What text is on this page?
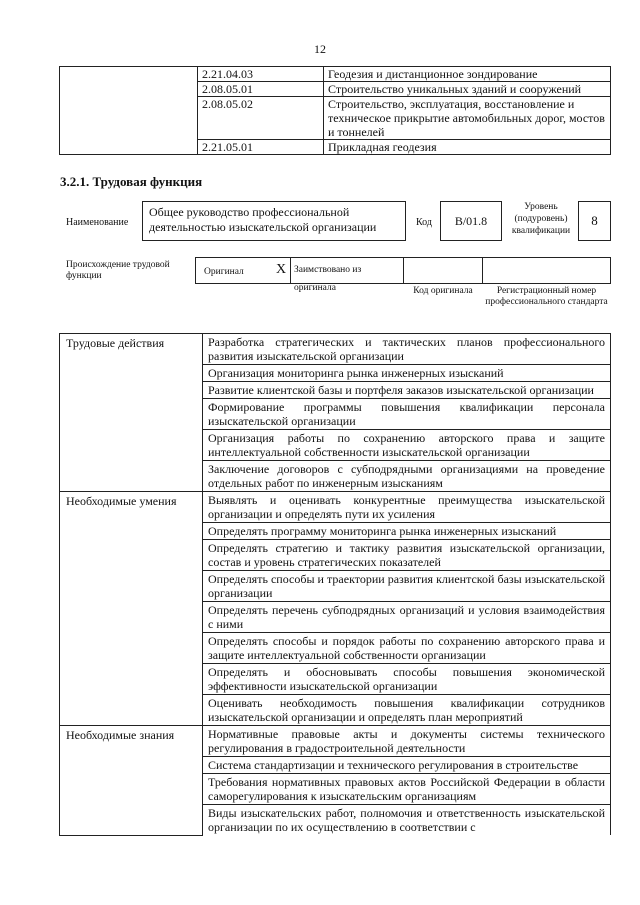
12
	2.21.04.03	Геодезия и дистанционное зондирование
	2.08.05.01	Строительство уникальных зданий и сооружений
	2.08.05.02	Строительство, эксплуатация, восстановление и техническое прикрытие автомобильных дорог, мостов и тоннелей
	2.21.05.01	Прикладная геодезия
3.2.1. Трудовая функция
Наименование
Общее руководство профессиональной деятельностью изыскательской организации	Код	B/01.8
Уровень (подуровень) квалификации
8
Происхождение трудовой функции	Оригинал X Заимствовано из оригинала	Код оригинала	Регистрационный номер профессионального стандарта
Трудовые действия	Разработка стратегических и тактических планов профессионального развития изыскательской организации
	Организация мониторинга рынка инженерных изысканий
	Развитие клиентской базы и портфеля заказов изыскательской организации
	Формирование программы повышения квалификации персонала изыскательской организации
	Организация работы по сохранению авторского права и защите интеллектуальной собственности изыскательской организации
	Заключение договоров с субподрядными организациями на проведение отдельных работ по инженерным изысканиям
Необходимые умения	Выявлять и оценивать конкурентные преимущества изыскательской организации и определять пути их усиления
	Определять программу мониторинга рынка инженерных изысканий
	Определять стратегию и тактику развития изыскательской организации, состав и уровень стратегических показателей
	Определять способы и траектории развития клиентской базы изыскательской организации
	Определять перечень субподрядных организаций и условия взаимодействия с ними
	Определять способы и порядок работы по сохранению авторского права и защите интеллектуальной собственности организации
	Определять и обосновывать способы повышения экономической эффективности изыскательской организации
	Оценивать необходимость повышения квалификации сотрудников изыскательской организации и определять план мероприятий
Необходимые знания	Нормативные правовые акты и документы системы технического регулирования в градостроительной деятельности
	Система стандартизации и технического регулирования в строительстве
	Требования нормативных правовых актов Российской Федерации в области саморегулирования к изыскательским организациям
	Виды изыскательских работ, полномочия и ответственность изыскательской организации по их осуществлению в соответствии с
